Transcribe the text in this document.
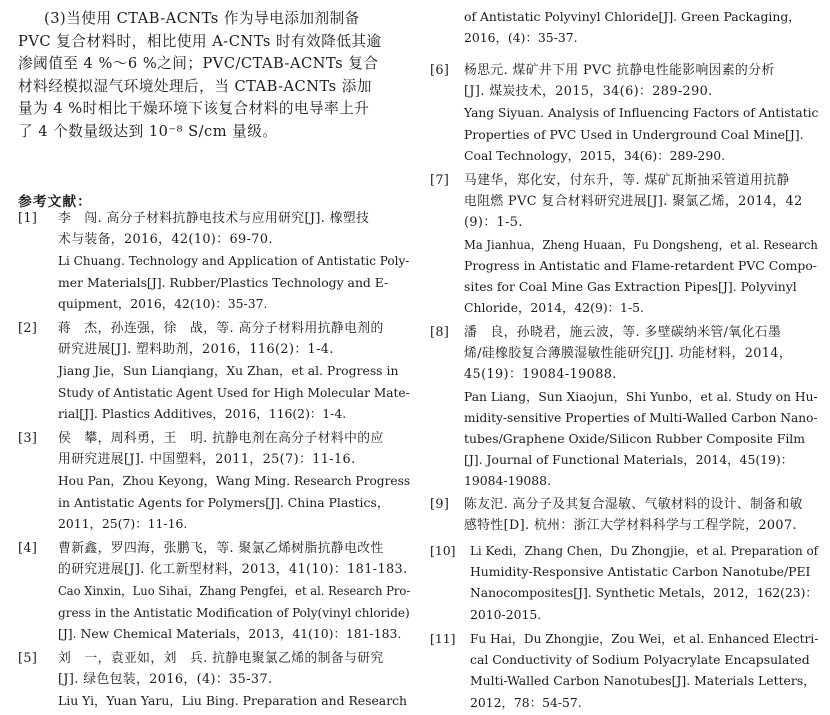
(3)当使用 CTAB-ACNTs 作为导电添加剂制备
PVC 复合材料时，相比使用 A-CNTs 时有效降低其逾
渗阈值至 4 %～6 %之间；PVC/CTAB-ACNTs 复合
材料经模拟湿气环境处理后，当 CTAB-ACNTs 添加
量为 4 %时相比干燥环境下该复合材料的电导率上升
了 4 个数量级达到 10⁻⁸ S/cm 量级。
参考文献：
[1] 李　闯. 高分子材料抗静电技术与应用研究[J]. 橡塑技
术与装备，2016，42(10)：69-70.
Li Chuang. Technology and Application of Antistatic Poly-
mer Materials[J]. Rubber/Plastics Technology and E-
quipment，2016，42(10)：35-37.
[2] 蒋　杰，孙连强，徐　战，等. 高分子材料用抗静电剂的
研究进展[J]. 塑料助剂，2016，116(2)：1-4.
Jiang Jie，Sun Lianqiang，Xu Zhan，et al. Progress in
Study of Antistatic Agent Used for High Molecular Mate-
rial[J]. Plastics Additives，2016，116(2)：1-4.
[3] 侯　攀，周科勇，王　明. 抗静电剂在高分子材料中的应
用研究进展[J]. 中国塑料，2011，25(7)：11-16.
Hou Pan，Zhou Keyong，Wang Ming. Research Progress
in Antistatic Agents for Polymers[J]. China Plastics，
2011，25(7)：11-16.
[4] 曹新鑫，罗四海，张鹏飞，等. 聚氯乙烯树脂抗静电改性
的研究进展[J]. 化工新型材料，2013，41(10)：181-183.
Cao Xinxin，Luo Sihai，Zhang Pengfei，et al. Research Pro-
gress in the Antistatic Modification of Poly(vinyl chloride)
[J]. New Chemical Materials，2013，41(10)：181-183.
[5] 刘　一，袁亚如，刘　兵. 抗静电聚氯乙烯的制备与研究
[J]. 绿色包装，2016，(4)：35-37.
Liu Yi，Yuan Yaru，Liu Bing. Preparation and Research
of Antistatic Polyvinyl Chloride[J]. Green Packaging，
2016，(4)：35-37.
[6] 杨思元. 煤矿井下用 PVC 抗静电性能影响因素的分析
[J]. 煤炭技术，2015，34(6)：289-290.
Yang Siyuan. Analysis of Influencing Factors of Antistatic
Properties of PVC Used in Underground Coal Mine[J].
Coal Technology，2015，34(6)：289-290.
[7] 马建华，郑化安，付东升，等. 煤矿瓦斯抽采管道用抗静
电阻燃 PVC 复合材料研究进展[J]. 聚氯乙烯，2014，42
(9)：1-5.
Ma Jianhua，Zheng Huaan，Fu Dongsheng，et al. Research
Progress in Antistatic and Flame-retardent PVC Compo-
sites for Coal Mine Gas Extraction Pipes[J]. Polyvinyl
Chloride，2014，42(9)：1-5.
[8] 潘　良，孙晓君，施云波，等. 多壁碳纳米管/氧化石墨
烯/硅橡胶复合薄膜湿敏性能研究[J]. 功能材料，2014，
45(19)：19084-19088.
Pan Liang，Sun Xiaojun，Shi Yunbo，et al. Study on Hu-
midity-sensitive Properties of Multi-Walled Carbon Nano-
tubes/Graphene Oxide/Silicon Rubber Composite Film
[J]. Journal of Functional Materials，2014，45(19)：
19084-19088.
[9] 陈友汜. 高分子及其复合湿敏、气敏材料的设计、制备和敏
感特性[D]. 杭州：浙江大学材料科学与工程学院，2007.
[10] Li Kedi，Zhang Chen，Du Zhongjie，et al. Preparation of
Humidity-Responsive Antistatic Carbon Nanotube/PEI
Nanocomposites[J]. Synthetic Metals，2012，162(23)：
2010-2015.
[11] Fu Hai，Du Zhongjie，Zou Wei，et al. Enhanced Electri-
cal Conductivity of Sodium Polyacrylate Encapsulated
Multi-Walled Carbon Nanotubes[J]. Materials Letters，
2012，78：54-57.
